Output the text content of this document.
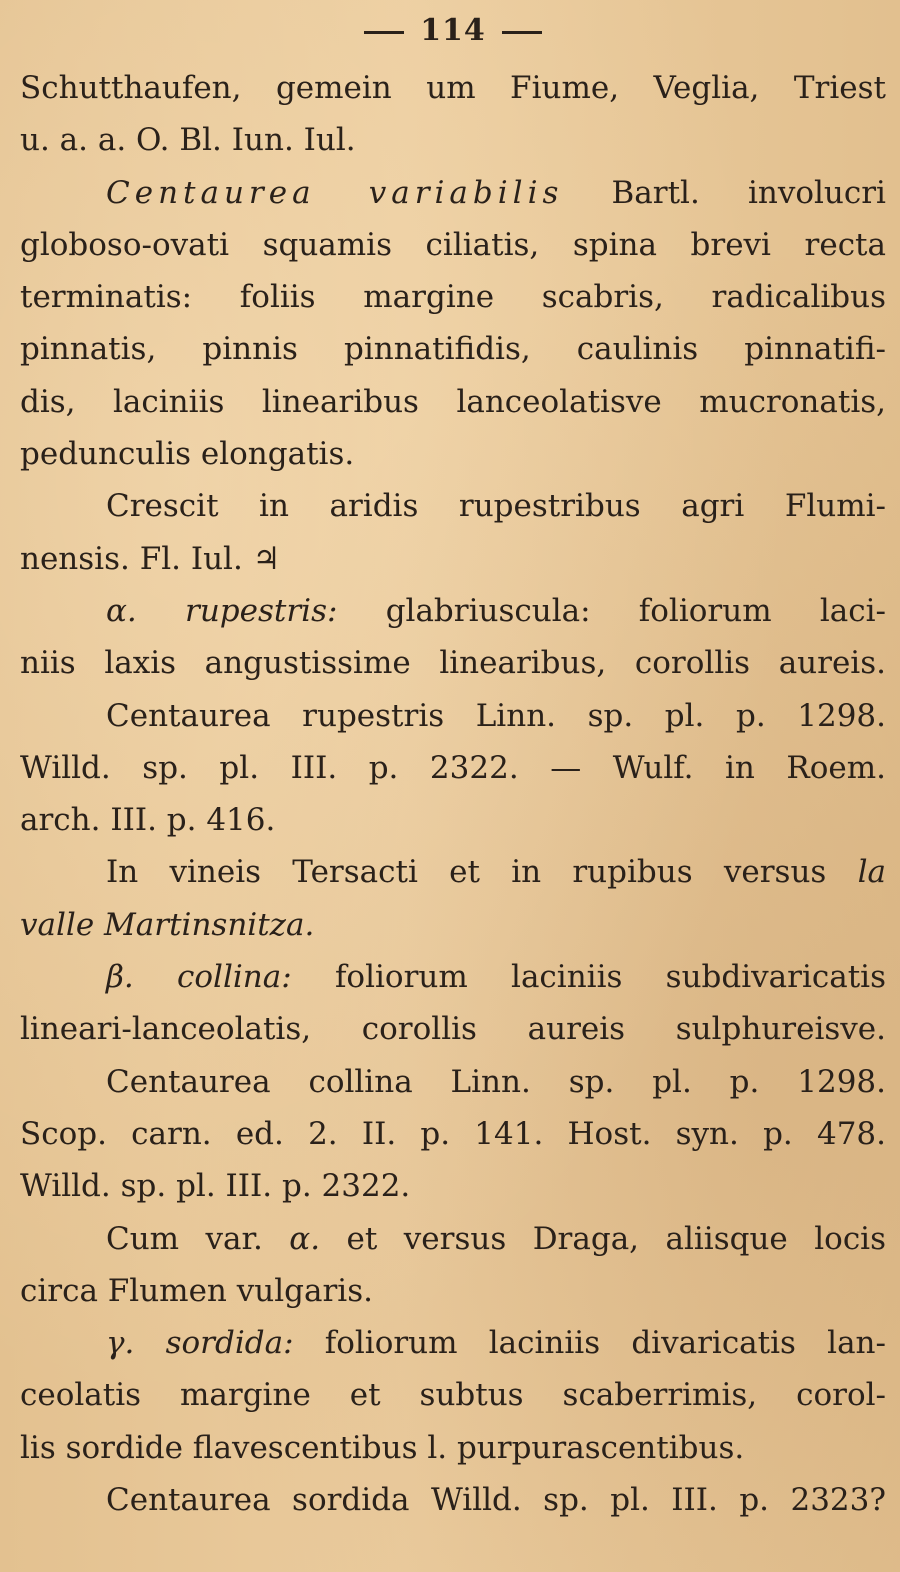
114
Schutthaufen, gemein um Fiume, Veglia, Triest
u. a. a. O. Bl. Iun. Iul.
Centaurea variabilis Bartl. involucri
globoso-ovati squamis ciliatis, spina brevi recta
terminatis: foliis margine scabris, radicalibus
pinnatis, pinnis pinnatifidis, caulinis pinnatifi-
dis, laciniis linearibus lanceolatisve mucronatis,
pedunculis elongatis.
Crescit in aridis rupestribus agri Flumi-
nensis. Fl. Iul. ♃
α. rupestris: glabriuscula: foliorum laci-
niis laxis angustissime linearibus, corollis aureis.
Centaurea rupestris Linn. sp. pl. p. 1298.
Willd. sp. pl. III. p. 2322. — Wulf. in Roem.
arch. III. p. 416.
In vineis Tersacti et in rupibus versus la
valle Martinsnitza.
β. collina: foliorum laciniis subdivaricatis
lineari-lanceolatis, corollis aureis sulphureisve.
Centaurea collina Linn. sp. pl. p. 1298.
Scop. carn. ed. 2. II. p. 141. Host. syn. p. 478.
Willd. sp. pl. III. p. 2322.
Cum var. α. et versus Draga, aliisque locis
circa Flumen vulgaris.
γ. sordida: foliorum laciniis divaricatis lan-
ceolatis margine et subtus scaberrimis, corol-
lis sordide flavescentibus l. purpurascentibus.
Centaurea sordida Willd. sp. pl. III. p. 2323?
